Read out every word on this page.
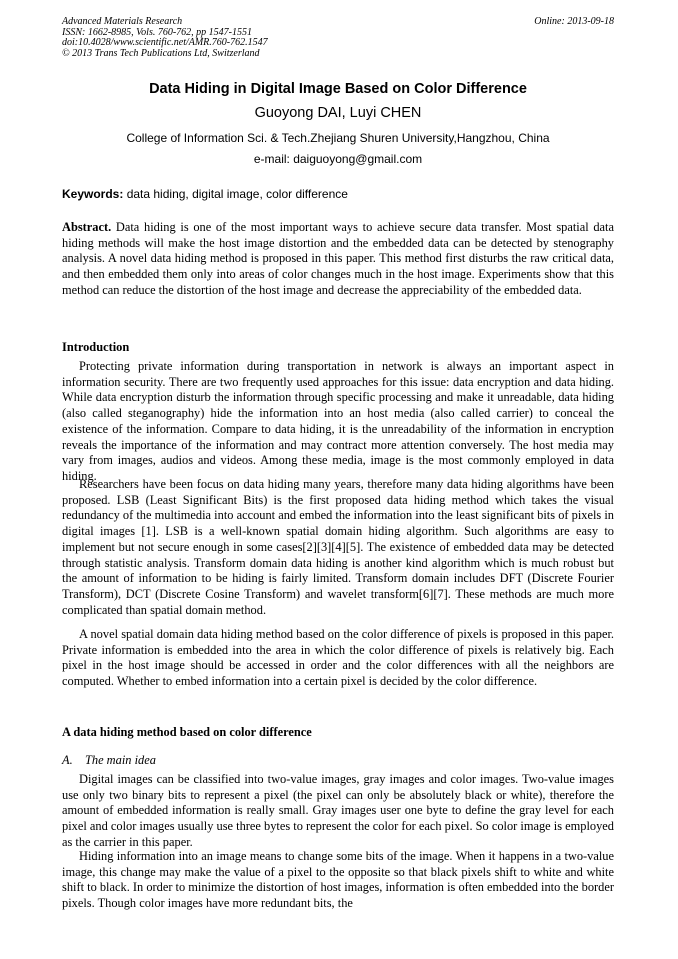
Advanced Materials Research
ISSN: 1662-8985, Vols. 760-762, pp 1547-1551
doi:10.4028/www.scientific.net/AMR.760-762.1547
© 2013 Trans Tech Publications Ltd, Switzerland
Online: 2013-09-18
Data Hiding in Digital Image Based on Color Difference
Guoyong DAI, Luyi CHEN
College of Information Sci. & Tech.Zhejiang Shuren University,Hangzhou, China
e-mail: daiguoyong@gmail.com
Keywords: data hiding, digital image, color difference
Abstract. Data hiding is one of the most important ways to achieve secure data transfer. Most spatial data hiding methods will make the host image distortion and the embedded data can be detected by stenography analysis. A novel data hiding method is proposed in this paper. This method first disturbs the raw critical data, and then embedded them only into areas of color changes much in the host image. Experiments show that this method can reduce the distortion of the host image and decrease the appreciability of the embedded data.
Introduction

Protecting private information during transportation in network is always an important aspect in information security. There are two frequently used approaches for this issue: data encryption and data hiding. While data encryption disturb the information through specific processing and make it unreadable, data hiding (also called steganography) hide the information into an host media (also called carrier) to conceal the existence of the information. Compare to data hiding, it is the unreadability of the information in encryption reveals the importance of the information and may contract more attention conversely. The host media may vary from images, audios and videos. Among these media, image is the most commonly employed in data hiding.

Researchers have been focus on data hiding many years, therefore many data hiding algorithms have been proposed. LSB (Least Significant Bits) is the first proposed data hiding method which takes the visual redundancy of the multimedia into account and embed the information into the least significant bits of pixels in digital images [1]. LSB is a well-known spatial domain hiding algorithm. Such algorithms are easy to implement but not secure enough in some cases[2][3][4][5]. The existence of embedded data may be detected through statistic analysis. Transform domain data hiding is another kind algorithm which is much robust but the amount of information to be hiding is fairly limited. Transform domain includes DFT (Discrete Fourier Transform), DCT (Discrete Cosine Transform) and wavelet transform[6][7]. These methods are much more complicated than spatial domain method.

A novel spatial domain data hiding method based on the color difference of pixels is proposed in this paper. Private information is embedded into the area in which the color difference of pixels is relatively big. Each pixel in the host image should be accessed in order and the color differences with all the neighbors are computed. Whether to embed information into a certain pixel is decided by the color difference.

A data hiding method based on color difference
A. The main idea

Digital images can be classified into two-value images, gray images and color images. Two-value images use only two binary bits to represent a pixel (the pixel can only be absolutely black or white), therefore the amount of embedded information is really small. Gray images user one byte to define the gray level for each pixel and color images usually use three bytes to represent the color for each pixel. So color image is employed as the carrier in this paper.

Hiding information into an image means to change some bits of the image. When it happens in a two-value image, this change may make the value of a pixel to the opposite so that black pixels shift to white and white shift to black. In order to minimize the distortion of host images, information is often embedded into the border pixels. Though color images have more redundant bits, the
